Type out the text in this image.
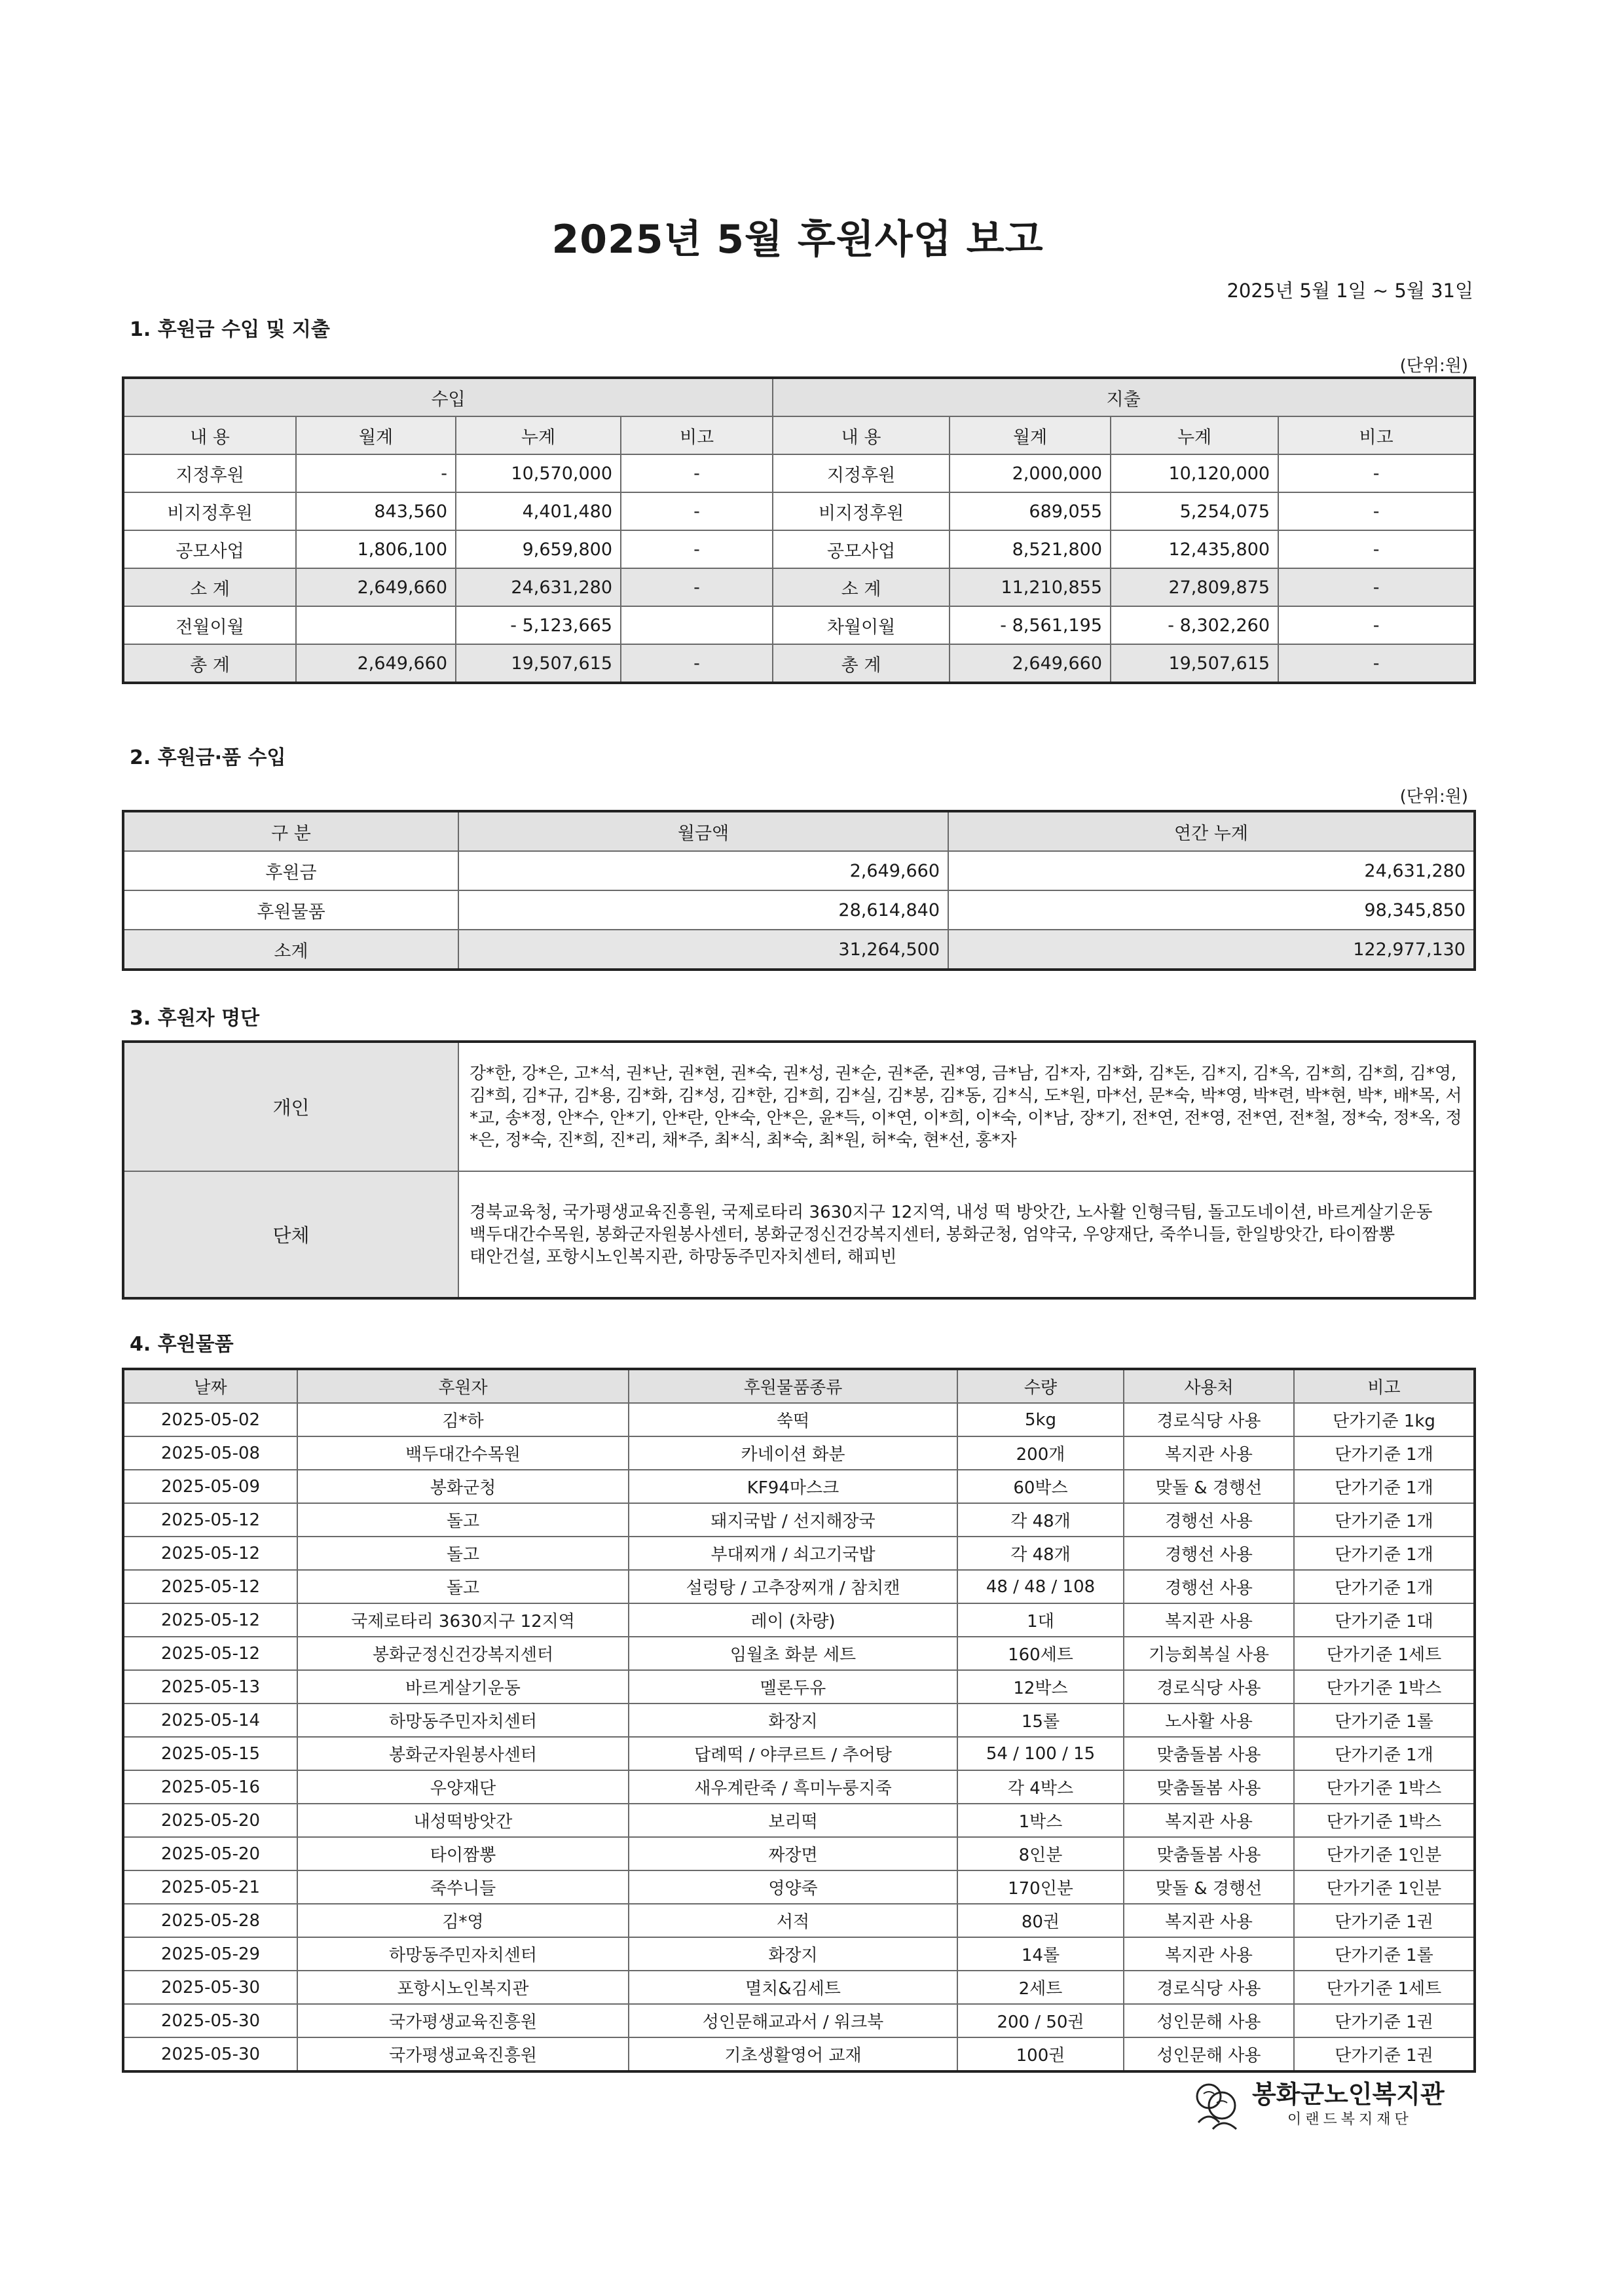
2025년 5월 후원사업 보고
2025년 5월 1일 ~ 5월 31일
1. 후원금 수입 및 지출
(단위:원)
수입				지출			
내 용	월계	누계	비고	내 용	월계	누계	비고
지정후원	-	10,570,000	-	지정후원	2,000,000	10,120,000	-
비지정후원	843,560	4,401,480	-	비지정후원	689,055	5,254,075	-
공모사업	1,806,100	9,659,800	-	공모사업	8,521,800	12,435,800	-
소 계	2,649,660	24,631,280	-	소 계	11,210,855	27,809,875	-
전월이월		- 5,123,665		차월이월	- 8,561,195	- 8,302,260	-
총 계	2,649,660	19,507,615	-	총 계	2,649,660	19,507,615	-
2. 후원금·품 수입
(단위:원)
구 분	월금액	연간 누계
후원금	2,649,660	24,631,280
후원물품	28,614,840	98,345,850
소계	31,264,500	122,977,130
3. 후원자 명단
개인	강*한, 강*은, 고*석, 권*난, 권*현, 권*숙, 권*성, 권*순, 권*준, 권*영, 금*남, 김*자, 김*화, 김*돈, 김*지, 김*옥, 김*희, 김*희, 김*영, 김*희, 김*규, 김*용, 김*화, 김*성, 김*한, 김*희, 김*실, 김*봉, 김*동, 김*식, 도*원, 마*선, 문*숙, 박*영, 박*련, 박*현, 박*, 배*목, 서*교, 송*정, 안*수, 안*기, 안*란, 안*숙, 안*은, 윤*득, 이*연, 이*희, 이*숙, 이*남, 장*기, 전*연, 전*영, 전*연, 전*철, 정*숙, 정*옥, 정*은, 정*숙, 진*희, 진*리, 채*주, 최*식, 최*숙, 최*원, 허*숙, 현*선, 홍*자
단체	경북교육청, 국가평생교육진흥원, 국제로타리 3630지구 12지역, 내성 떡 방앗간, 노사활 인형극팀, 돌고도네이션, 바르게살기운동
백두대간수목원, 봉화군자원봉사센터, 봉화군정신건강복지센터, 봉화군청, 엄약국, 우양재단, 죽쑤니들, 한일방앗간, 타이짬뽕
태안건설, 포항시노인복지관, 하망동주민자치센터, 해피빈
4. 후원물품
날짜	후원자	후원물품종류	수량	사용처	비고
2025-05-02	김*하	쑥떡	5kg	경로식당 사용	단가기준 1kg
2025-05-08	백두대간수목원	카네이션 화분	200개	복지관 사용	단가기준 1개
2025-05-09	봉화군청	KF94마스크	60박스	맞돌 & 경행선	단가기준 1개
2025-05-12	돌고	돼지국밥 / 선지해장국	각 48개	경행선 사용	단가기준 1개
2025-05-12	돌고	부대찌개 / 쇠고기국밥	각 48개	경행선 사용	단가기준 1개
2025-05-12	돌고	설렁탕 / 고추장찌개 / 참치캔	48 / 48 / 108	경행선 사용	단가기준 1개
2025-05-12	국제로타리 3630지구 12지역	레이 (차량)	1대	복지관 사용	단가기준 1대
2025-05-12	봉화군정신건강복지센터	임월초 화분 세트	160세트	기능회복실 사용	단가기준 1세트
2025-05-13	바르게살기운동	멜론두유	12박스	경로식당 사용	단가기준 1박스
2025-05-14	하망동주민자치센터	화장지	15롤	노사활 사용	단가기준 1롤
2025-05-15	봉화군자원봉사센터	답례떡 / 야쿠르트 / 추어탕	54 / 100 / 15	맞춤돌봄 사용	단가기준 1개
2025-05-16	우양재단	새우계란죽 / 흑미누룽지죽	각 4박스	맞춤돌봄 사용	단가기준 1박스
2025-05-20	내성떡방앗간	보리떡	1박스	복지관 사용	단가기준 1박스
2025-05-20	타이짬뽕	짜장면	8인분	맞춤돌봄 사용	단가기준 1인분
2025-05-21	죽쑤니들	영양죽	170인분	맞돌 & 경행선	단가기준 1인분
2025-05-28	김*영	서적	80권	복지관 사용	단가기준 1권
2025-05-29	하망동주민자치센터	화장지	14롤	복지관 사용	단가기준 1롤
2025-05-30	포항시노인복지관	멸치&김세트	2세트	경로식당 사용	단가기준 1세트
2025-05-30	국가평생교육진흥원	성인문해교과서 / 워크북	200 / 50권	성인문해 사용	단가기준 1권
2025-05-30	국가평생교육진흥원	기초생활영어 교재	100권	성인문해 사용	단가기준 1권
봉화군노인복지관
이랜드복지재단
